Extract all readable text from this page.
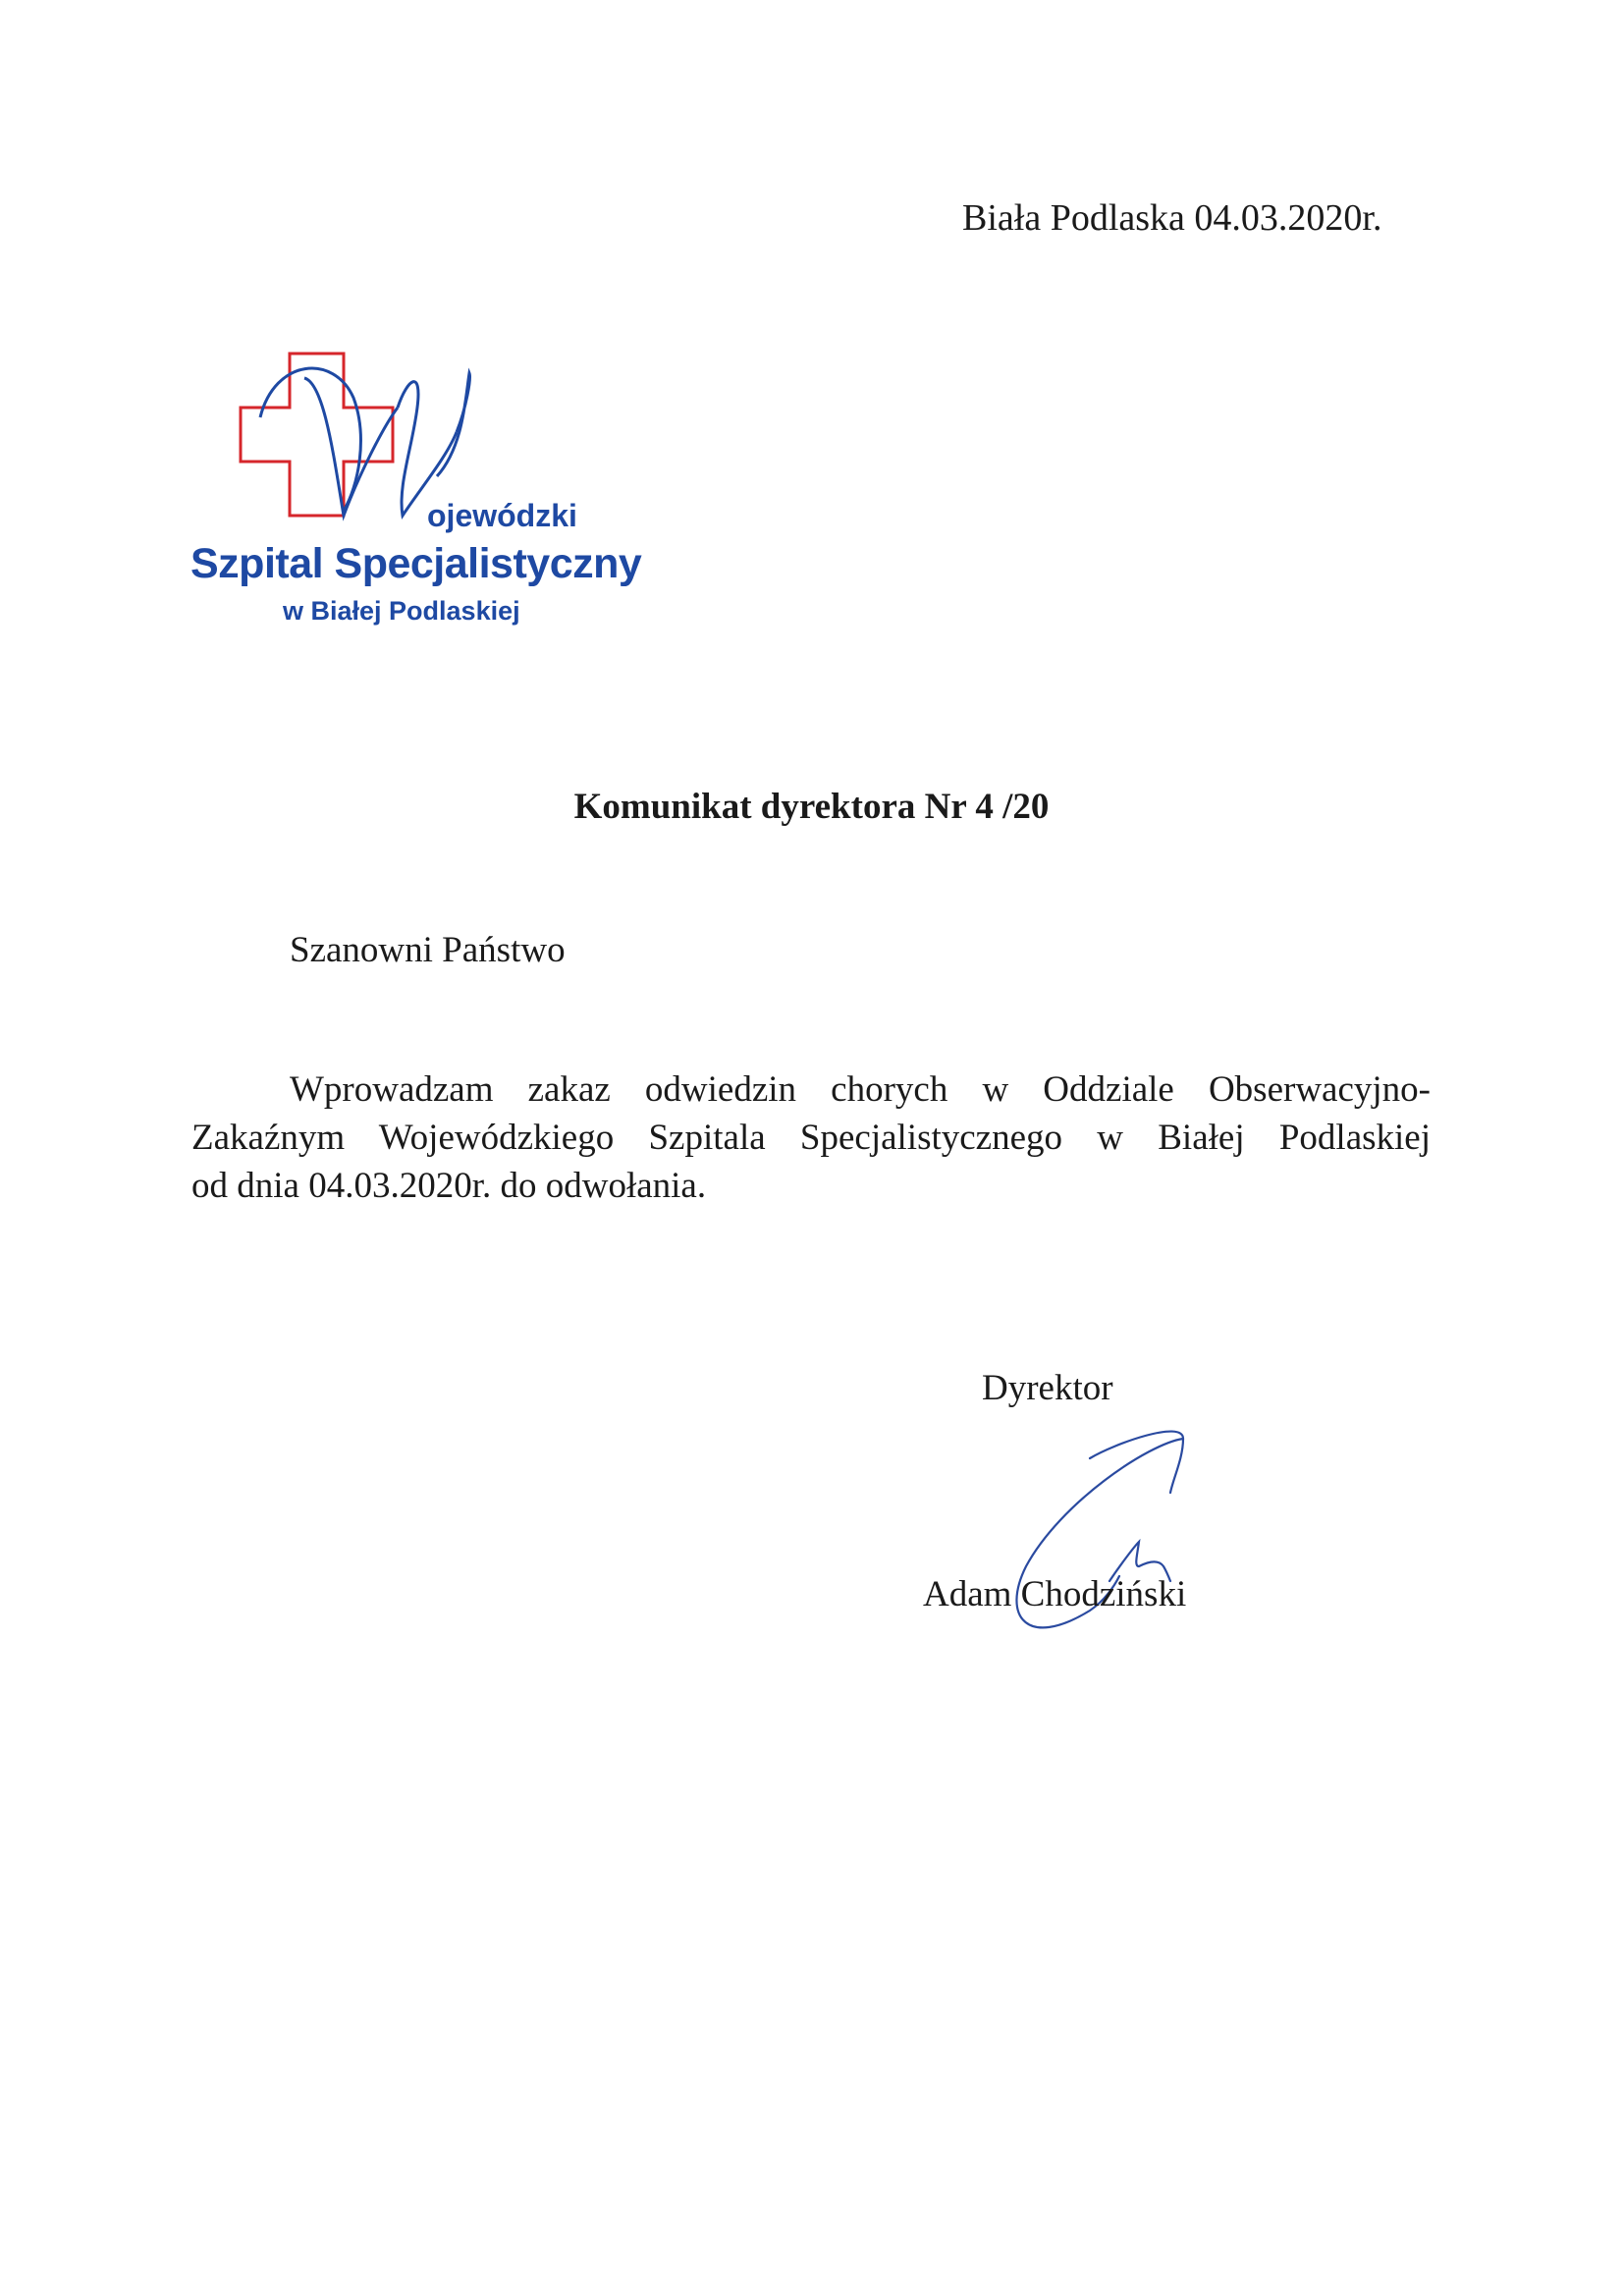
Biała Podlaska 04.03.2020r.
ojewódzki
Szpital Specjalistyczny
w Białej Podlaskiej
Komunikat dyrektora Nr 4 /20
Szanowni Państwo
Wprowadzam zakaz odwiedzin chorych w Oddziale Obserwacyjno-
Zakaźnym Wojewódzkiego Szpitala Specjalistycznego w Białej Podlaskiej
od dnia 04.03.2020r. do odwołania.
Dyrektor
Adam Chodziński
